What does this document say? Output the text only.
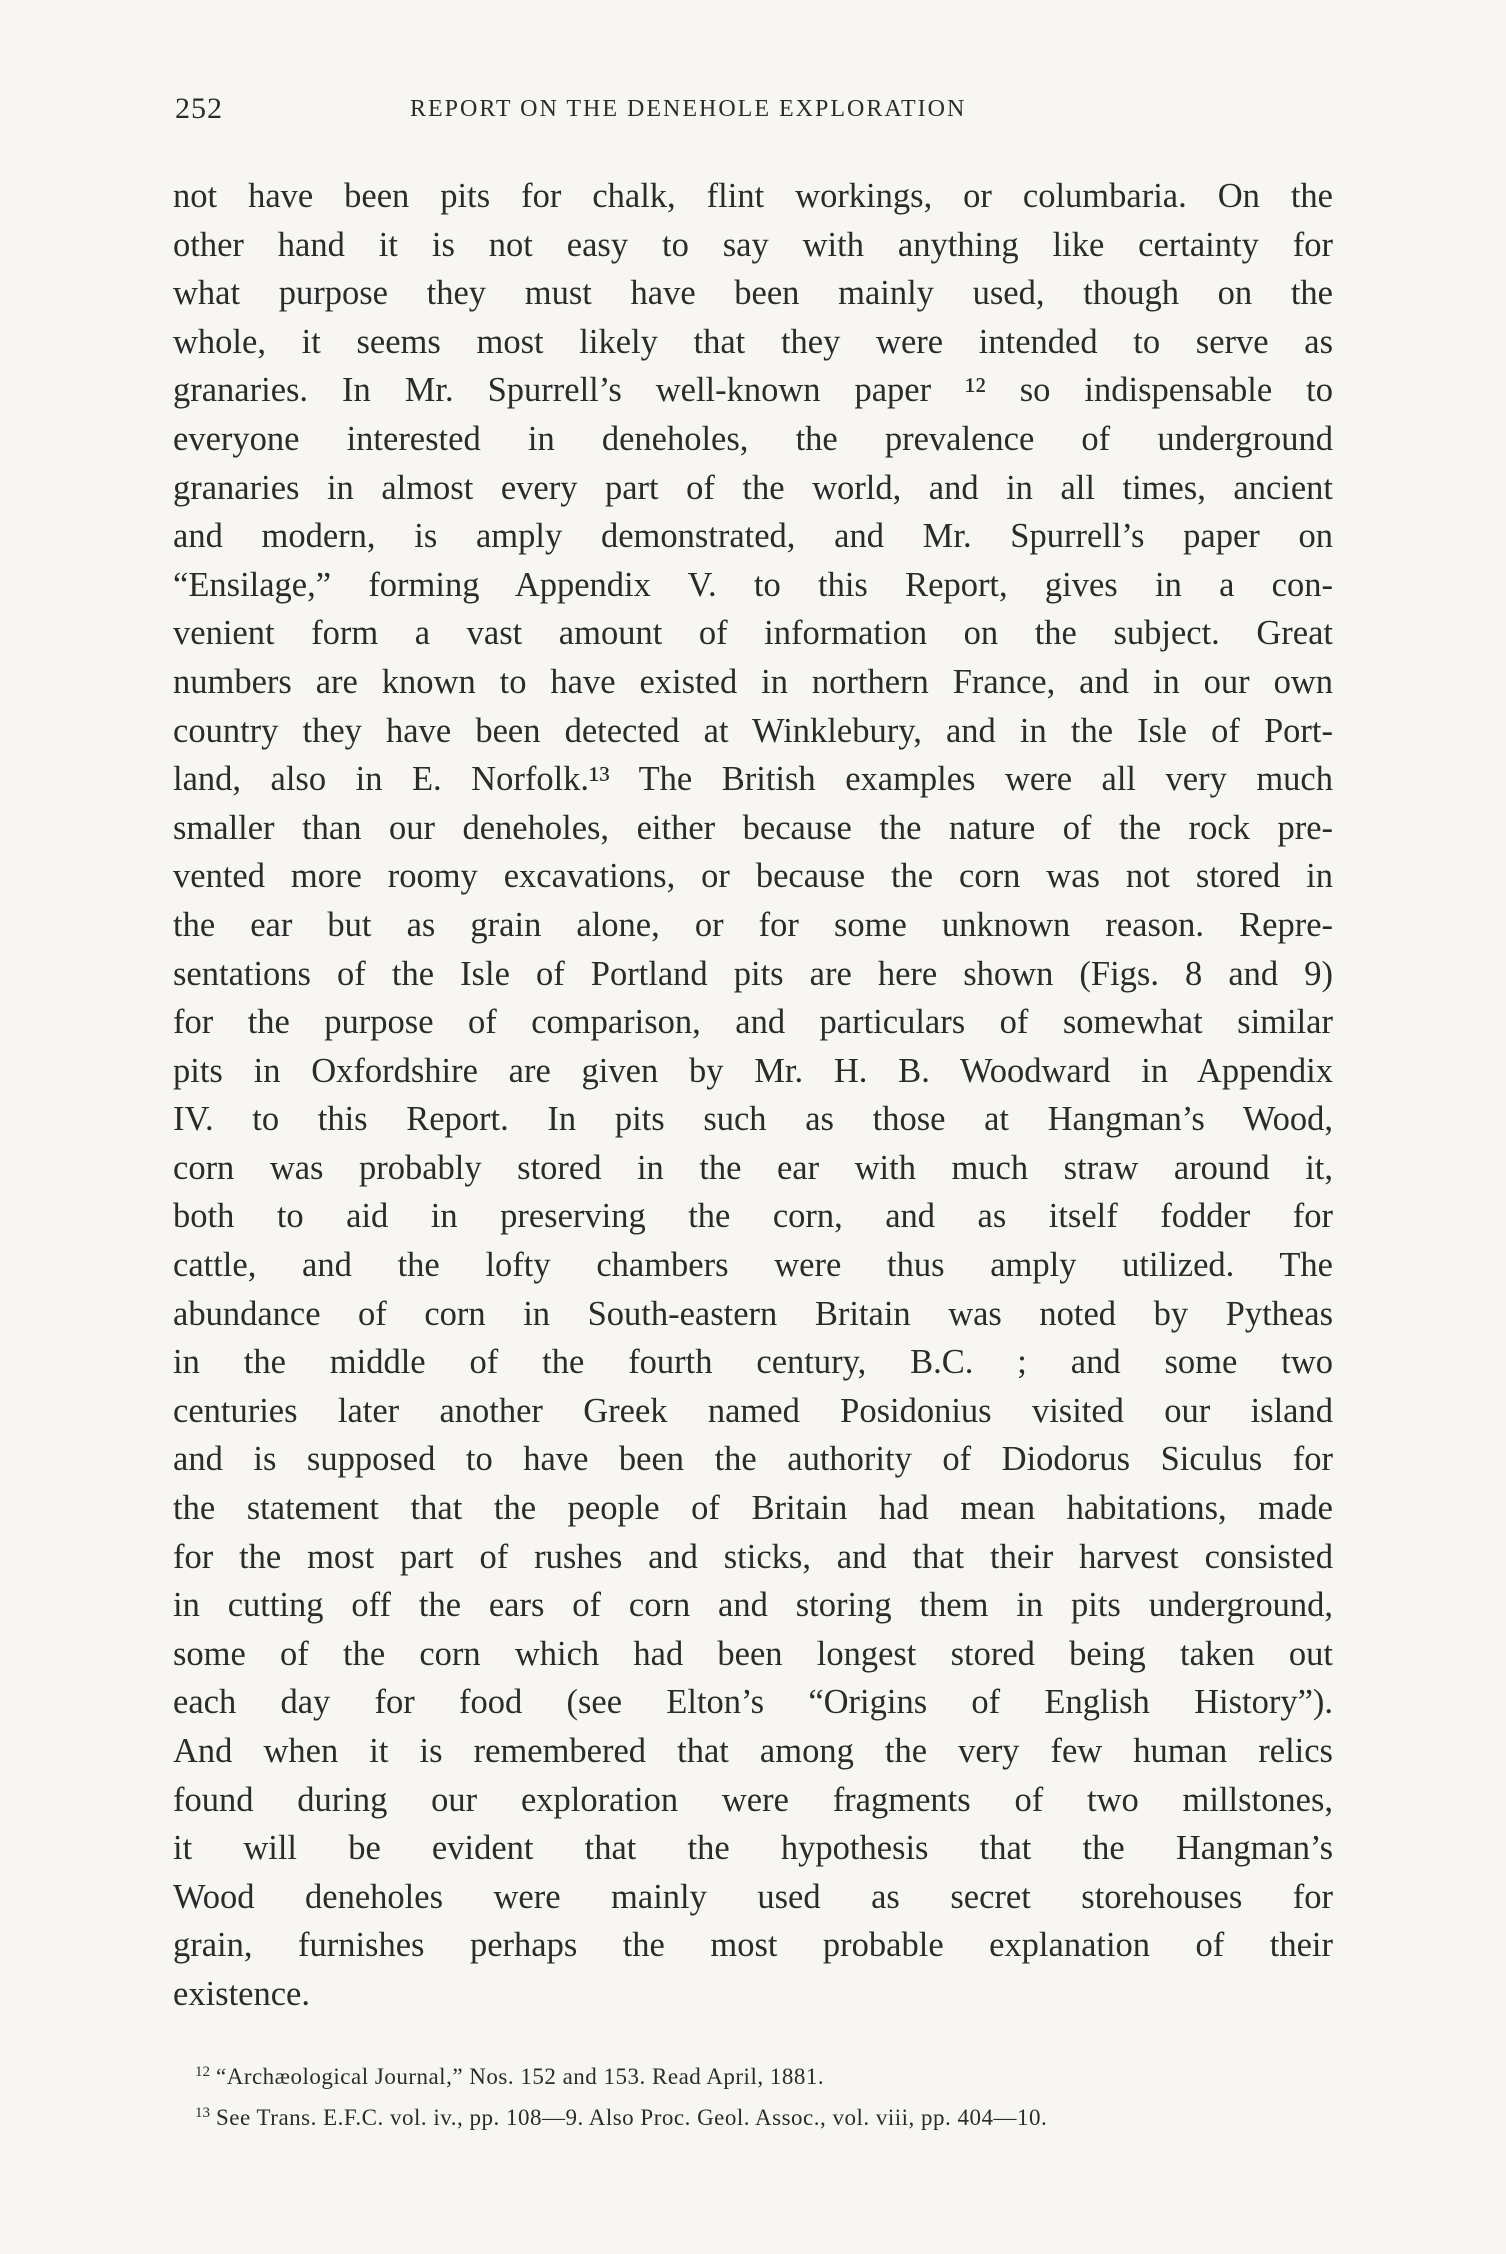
252	REPORT ON THE DENEHOLE EXPLORATION
not have been pits for chalk, flint workings, or columbaria. On the
other hand it is not easy to say with anything like certainty for
what purpose they must have been mainly used, though on the
whole, it seems most likely that they were intended to serve as
granaries. In Mr. Spurrell’s well-known paper ¹² so indispensable to
everyone interested in deneholes, the prevalence of underground
granaries in almost every part of the world, and in all times, ancient
and modern, is amply demonstrated, and Mr. Spurrell’s paper on
“Ensilage,” forming Appendix V. to this Report, gives in a con-
venient form a vast amount of information on the subject. Great
numbers are known to have existed in northern France, and in our own
country they have been detected at Winklebury, and in the Isle of Port-
land, also in E. Norfolk.¹³ The British examples were all very much
smaller than our deneholes, either because the nature of the rock pre-
vented more roomy excavations, or because the corn was not stored in
the ear but as grain alone, or for some unknown reason. Repre-
sentations of the Isle of Portland pits are here shown (Figs. 8 and 9)
for the purpose of comparison, and particulars of somewhat similar
pits in Oxfordshire are given by Mr. H. B. Woodward in Appendix
IV. to this Report. In pits such as those at Hangman’s Wood,
corn was probably stored in the ear with much straw around it,
both to aid in preserving the corn, and as itself fodder for
cattle, and the lofty chambers were thus amply utilized. The
abundance of corn in South-eastern Britain was noted by Pytheas
in the middle of the fourth century, B.C. ; and some two
centuries later another Greek named Posidonius visited our island
and is supposed to have been the authority of Diodorus Siculus for
the statement that the people of Britain had mean habitations, made
for the most part of rushes and sticks, and that their harvest consisted
in cutting off the ears of corn and storing them in pits underground,
some of the corn which had been longest stored being taken out
each day for food (see Elton’s “Origins of English History”).
And when it is remembered that among the very few human relics
found during our exploration were fragments of two millstones,
it will be evident that the hypothesis that the Hangman’s
Wood deneholes were mainly used as secret storehouses for
grain, furnishes perhaps the most probable explanation of their
existence.
$^{12}$ “Archæological Journal,” Nos. 152 and 153. Read April, 1881.
$^{13}$ See Trans. E.F.C. vol. iv., pp. 108—9. Also Proc. Geol. Assoc., vol. viii, pp. 404—10.
